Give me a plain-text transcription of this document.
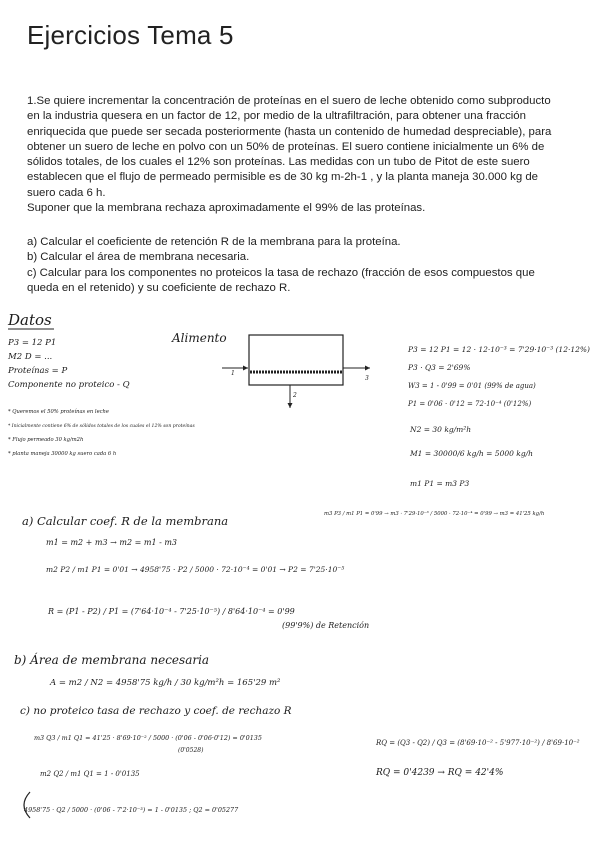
Ejercicios Tema 5
1.Se quiere incrementar la concentración de proteínas en el suero de leche obtenido como subproducto
en la industria quesera en un factor de 12, por medio de la ultrafiltración, para obtener una fracción
enriquecida que puede ser secada posteriormente (hasta un contenido de humedad despreciable), para
obtener un suero de leche en polvo con un 50% de proteínas. El suero contiene inicialmente un 6% de
sólidos totales, de los cuales el 12% son proteínas. Las medidas con un tubo de Pitot de este suero
establecen que el flujo de permeado permisible es de 30 kg m-2h-1 , y la planta maneja 30.000 kg de
suero cada 6 h.
Suponer que la membrana rechaza aproximadamente el 99% de las proteínas.
a) Calcular el coeficiente de retención R de la membrana para la proteína.
b) Calcular el área de membrana necesaria.
c) Calcular para los componentes no proteicos la tasa de rechazo (fracción de esos compuestos que
queda en el retenido) y su coeficiente de rechazo R.
Datos
P3 = 12 P1
M2 D = ...
Proteínas = P
Componente no proteico - Q
* Queremos el 50% proteínas en leche
* Inicialmente contiene 6% de sólidos totales de los cuales el 12% son proteínas
* Flujo permeado 30 kg/m2h
* planta maneja 30000 kg suero cada 6 h
Alimento
1
3
2
P3 = 12 P1 = 12 · 12·10⁻³ = 7'29·10⁻³ (12·12%)
P3 · Q3 = 2'69%
W3 = 1 - 0'99 = 0'01 (99% de agua)
P1 = 0'06 · 0'12 = 72·10⁻⁴ (0'12%)
N2 = 30 kg/m²h
M1 = 30000/6 kg/h = 5000 kg/h
m1 P1 = m3 P3
m3 P3 / m1 P1 = 0'99 → m3 · 7'29·10⁻³ / 5000 · 72·10⁻⁴ = 0'99 → m3 = 41'25 kg/h
a) Calcular coef. R de la membrana
m1 = m2 + m3 → m2 = m1 - m3
m2 P2 / m1 P1 = 0'01 → 4958'75 · P2 / 5000 · 72·10⁻⁴ = 0'01 → P2 = 7'25·10⁻⁵
R = (P1 - P2) / P1 = (7'64·10⁻⁴ - 7'25·10⁻⁵) / 8'64·10⁻⁴ = 0'99
(99'9%) de Retención
b) Área de membrana necesaria
A = m2 / N2 = 4958'75 kg/h / 30 kg/m²h = 165'29 m²
c) no proteico tasa de rechazo y coef. de rechazo R
m3 Q3 / m1 Q1 = 41'25 · 8'69·10⁻² / 5000 · (0'06 - 0'06·0'12) = 0'0135
(0'0528)
m2 Q2 / m1 Q1 = 1 - 0'0135
4958'75 · Q2 / 5000 · (0'06 - 7'2·10⁻³) = 1 - 0'0135 ; Q2 = 0'05277
RQ = (Q3 - Q2) / Q3 = (8'69·10⁻² - 5'977·10⁻²) / 8'69·10⁻²
RQ = 0'4239 → RQ = 42'4%
